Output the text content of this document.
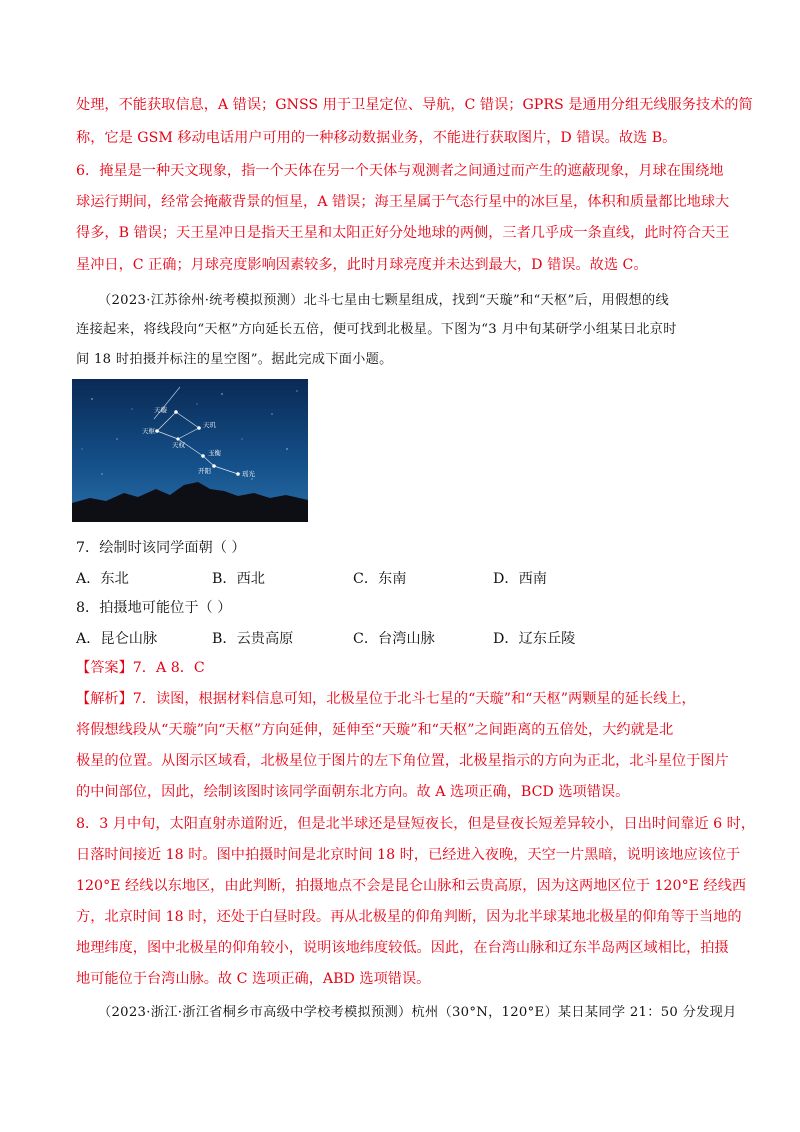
处理，不能获取信息，A 错误；GNSS 用于卫星定位、导航，C 错误；GPRS 是通用分组无线服务技术的简
称，它是 GSM 移动电话用户可用的一种移动数据业务，不能进行获取图片，D 错误。故选 B。
6．掩星是一种天文现象，指一个天体在另一个天体与观测者之间通过而产生的遮蔽现象，月球在围绕地
球运行期间，经常会掩蔽背景的恒星，A 错误；海王星属于气态行星中的冰巨星，体积和质量都比地球大
得多，B 错误；天王星冲日是指天王星和太阳正好分处地球的两侧，三者几乎成一条直线，此时符合天王
星冲日，C 正确；月球亮度影响因素较多，此时月球亮度并未达到最大，D 错误。故选 C。
（2023·江苏徐州·统考模拟预测）北斗七星由七颗星组成，找到“天璇”和“天枢”后，用假想的线
连接起来，将线段向“天枢”方向延长五倍，便可找到北极星。下图为“3 月中旬某研学小组某日北京时
间 18 时拍摄并标注的星空图”。据此完成下面小题。
天璇
天枢
天玑
天权
玉衡
开阳	瑶光
7．绘制时该同学面朝（ ）
A．东北	B．西北	C．东南	D．西南
8．拍摄地可能位于（ ）
A．昆仑山脉	B．云贵高原	C．台湾山脉	D．辽东丘陵
【答案】7．A 8．C
【解析】7．读图，根据材料信息可知，北极星位于北斗七星的“天璇”和“天枢”两颗星的延长线上，
将假想线段从“天璇”向“天枢”方向延伸，延伸至“天璇”和“天枢”之间距离的五倍处，大约就是北
极星的位置。从图示区域看，北极星位于图片的左下角位置，北极星指示的方向为正北，北斗星位于图片
的中间部位，因此，绘制该图时该同学面朝东北方向。故 A 选项正确，BCD 选项错误。
8．3 月中旬，太阳直射赤道附近，但是北半球还是昼短夜长，但是昼夜长短差异较小，日出时间靠近 6 时，
日落时间接近 18 时。图中拍摄时间是北京时间 18 时，已经进入夜晚，天空一片黑暗，说明该地应该位于
120°E 经线以东地区，由此判断，拍摄地点不会是昆仑山脉和云贵高原，因为这两地区位于 120°E 经线西
方，北京时间 18 时，还处于白昼时段。再从北极星的仰角判断，因为北半球某地北极星的仰角等于当地的
地理纬度，图中北极星的仰角较小，说明该地纬度较低。因此，在台湾山脉和辽东半岛两区域相比，拍摄
地可能位于台湾山脉。故 C 选项正确，ABD 选项错误。
（2023·浙江·浙江省桐乡市高级中学校考模拟预测）杭州（30°N，120°E）某日某同学 21：50 分发现月
